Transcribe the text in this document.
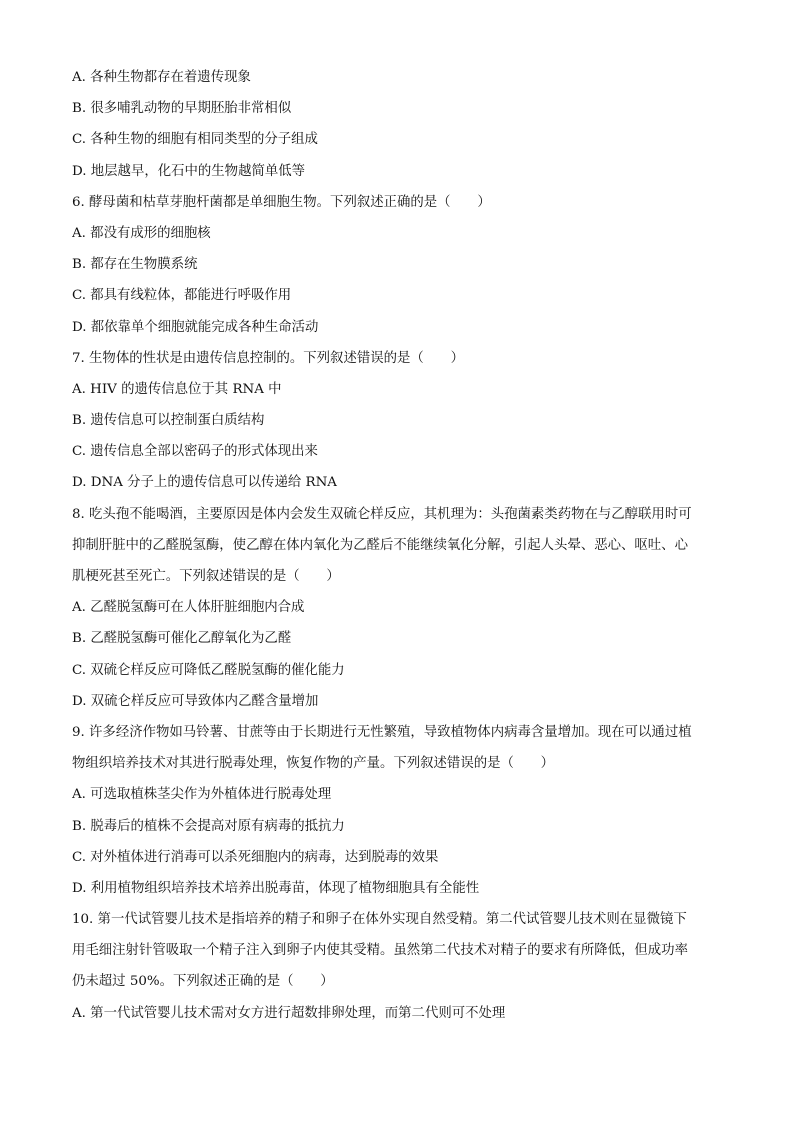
A. 各种生物都存在着遗传现象
B. 很多哺乳动物的早期胚胎非常相似
C. 各种生物的细胞有相同类型的分子组成
D. 地层越早，化石中的生物越简单低等
6. 酵母菌和枯草芽胞杆菌都是单细胞生物。下列叙述正确的是（　　）
A. 都没有成形的细胞核
B. 都存在生物膜系统
C. 都具有线粒体，都能进行呼吸作用
D. 都依靠单个细胞就能完成各种生命活动
7. 生物体的性状是由遗传信息控制的。下列叙述错误的是（　　）
A. HIV 的遗传信息位于其 RNA 中
B. 遗传信息可以控制蛋白质结构
C. 遗传信息全部以密码子的形式体现出来
D. DNA 分子上的遗传信息可以传递给 RNA
8. 吃头孢不能喝酒，主要原因是体内会发生双硫仑样反应，其机理为：头孢菌素类药物在与乙醇联用时可
抑制肝脏中的乙醛脱氢酶，使乙醇在体内氧化为乙醛后不能继续氧化分解，引起人头晕、恶心、呕吐、心
肌梗死甚至死亡。下列叙述错误的是（　　）
A. 乙醛脱氢酶可在人体肝脏细胞内合成
B. 乙醛脱氢酶可催化乙醇氧化为乙醛
C. 双硫仑样反应可降低乙醛脱氢酶的催化能力
D. 双硫仑样反应可导致体内乙醛含量增加
9. 许多经济作物如马铃薯、甘蔗等由于长期进行无性繁殖，导致植物体内病毒含量增加。现在可以通过植
物组织培养技术对其进行脱毒处理，恢复作物的产量。下列叙述错误的是（　　）
A. 可选取植株茎尖作为外植体进行脱毒处理
B. 脱毒后的植株不会提高对原有病毒的抵抗力
C. 对外植体进行消毒可以杀死细胞内的病毒，达到脱毒的效果
D. 利用植物组织培养技术培养出脱毒苗，体现了植物细胞具有全能性
10. 第一代试管婴儿技术是指培养的精子和卵子在体外实现自然受精。第二代试管婴儿技术则在显微镜下
用毛细注射针管吸取一个精子注入到卵子内使其受精。虽然第二代技术对精子的要求有所降低，但成功率
仍未超过 50%。下列叙述正确的是（　　）
A. 第一代试管婴儿技术需对女方进行超数排卵处理，而第二代则可不处理
